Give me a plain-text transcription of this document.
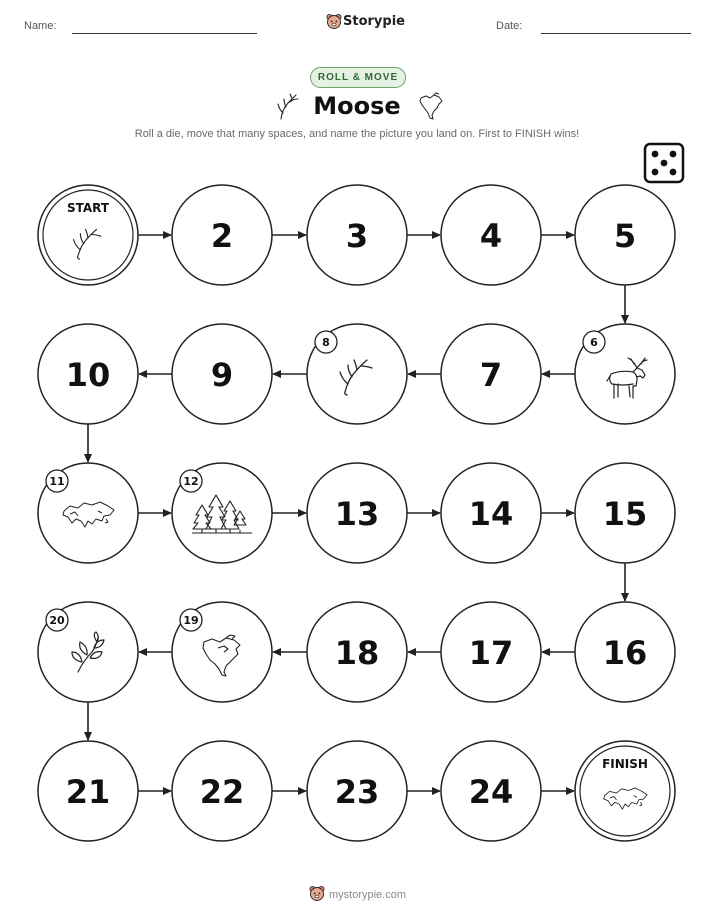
Name:	Storypie	Date:
ROLL & MOVE
Moose
Roll a die, move that many spaces, and name the picture you land on. First to FINISH wins!
START
2	3	4	5
6
7
8
9
10
11	12
13	14	15
16
17
18
19
20
21	22	23	24
FINISH
mystorypie.com
